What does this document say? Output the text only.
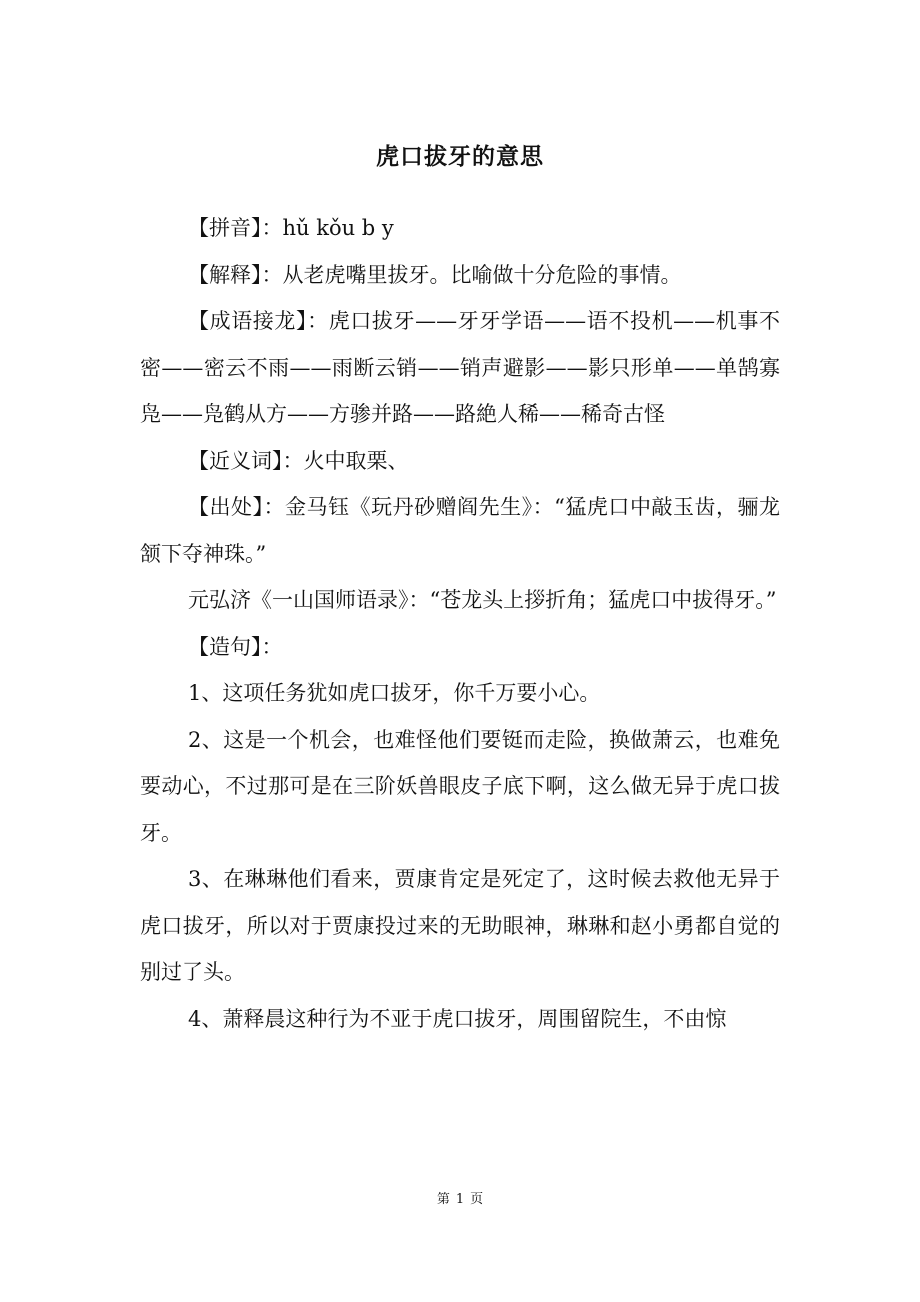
虎口拔牙的意思

【拼音】：hǔ kǒu b y

【解释】：从老虎嘴里拔牙。比喻做十分危险的事情。

【成语接龙】：虎口拔牙——牙牙学语——语不投机——机事不密——密云不雨——雨断云销——销声避影——影只形单——单鹄寡凫——凫鹤从方——方骖并路——路絶人稀——稀奇古怪

【近义词】：火中取栗、

【出处】：金马钰《玩丹砂赠阎先生》：“猛虎口中敲玉齿，骊龙颔下夺神珠。”

元弘济《一山国师语录》：“苍龙头上拶折角；猛虎口中拔得牙。”

【造句】：

1、这项任务犹如虎口拔牙，你千万要小心。

2、这是一个机会，也难怪他们要铤而走险，换做萧云，也难免要动心，不过那可是在三阶妖兽眼皮子底下啊，这么做无异于虎口拔牙。

3、在琳琳他们看来，贾康肯定是死定了，这时候去救他无异于虎口拔牙，所以对于贾康投过来的无助眼神，琳琳和赵小勇都自觉的别过了头。

4、萧释晨这种行为不亚于虎口拔牙，周围留院生，不由惊

第 1 页
